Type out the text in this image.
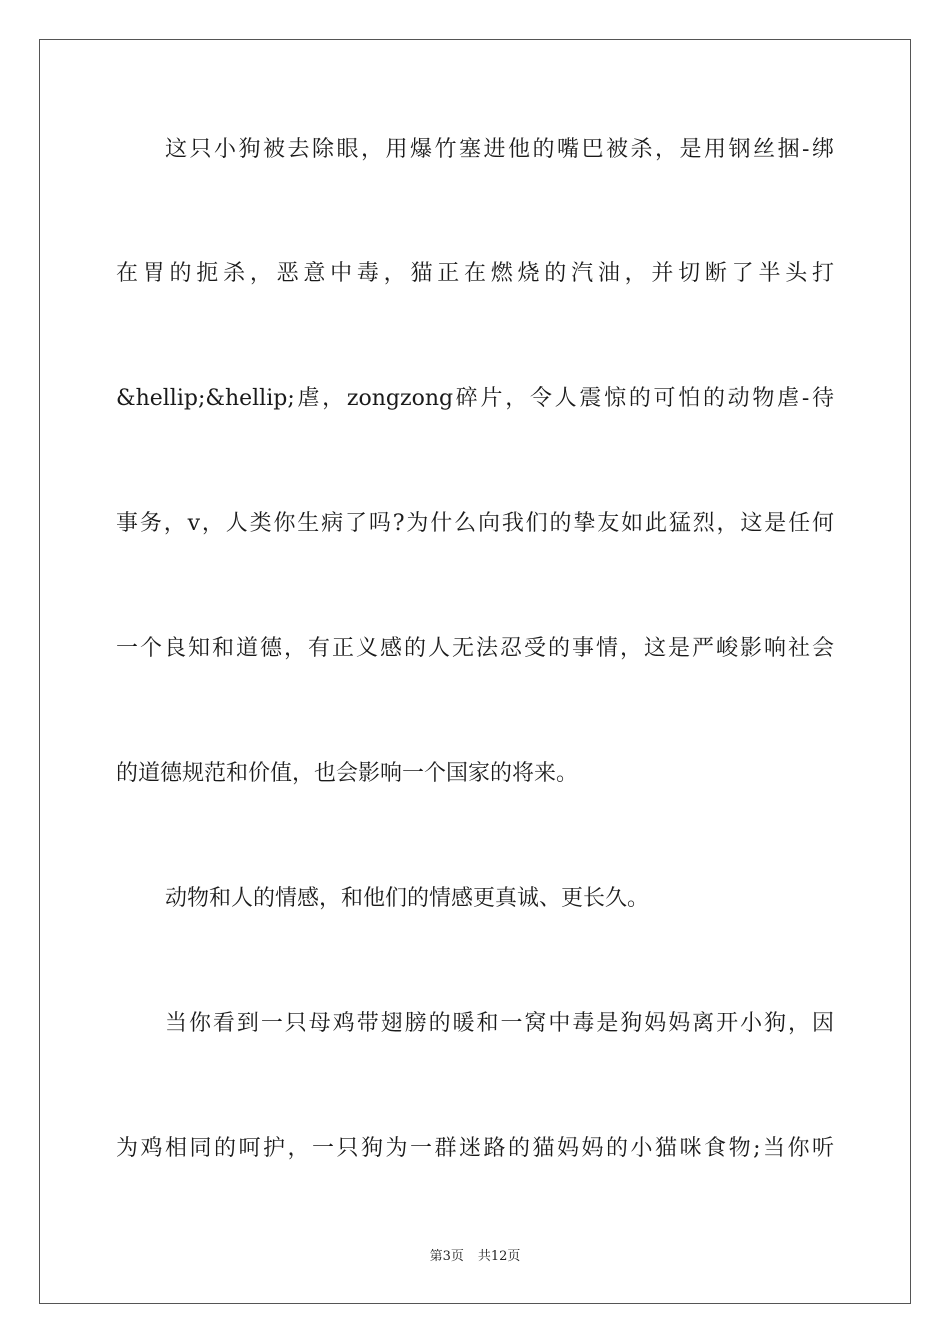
这只小狗被去除眼，用爆竹塞进他的嘴巴被杀，是用钢丝捆-绑
在胃的扼杀，恶意中毒，猫正在燃烧的汽油，并切断了半头打
&hellip;&hellip;虐，zongzong碎片，令人震惊的可怕的动物虐-待
事务，v，人类你生病了吗?为什么向我们的挚友如此猛烈，这是任何
一个良知和道德，有正义感的人无法忍受的事情，这是严峻影响社会
的道德规范和价值，也会影响一个国家的将来。
动物和人的情感，和他们的情感更真诚、更长久。
当你看到一只母鸡带翅膀的暖和一窝中毒是狗妈妈离开小狗，因
为鸡相同的呵护，一只狗为一群迷路的猫妈妈的小猫咪食物;当你听
第3页 共12页
